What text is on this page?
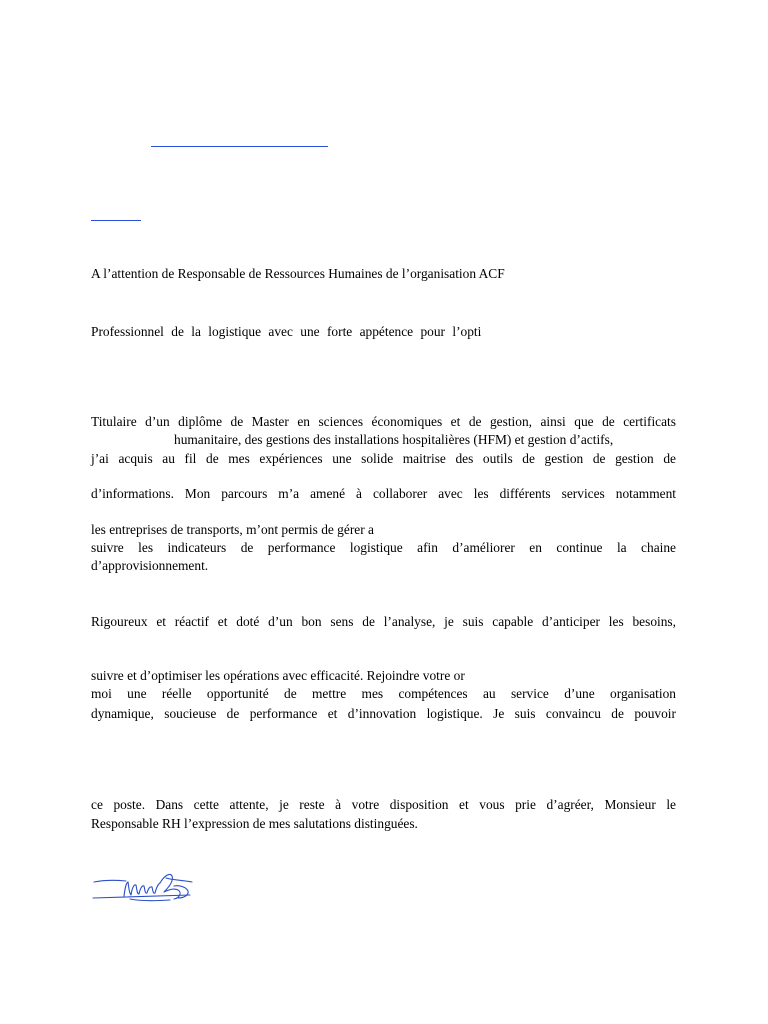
A l’attention de Responsable de Ressources Humaines de l’organisation ACF
Professionnel de la logistique avec une forte appétence pour l’opti
Titulaire d’un diplôme de Master en sciences économiques et de gestion, ainsi que de certificats
humanitaire, des gestions des installations hospitalières (HFM) et gestion d’actifs,
j’ai acquis au fil de mes expériences une solide maitrise des outils de gestion de gestion de
d’informations. Mon parcours m’a amené à collaborer avec les différents services notamment
les entreprises de transports, m’ont permis de gérer a
suivre les indicateurs de performance logistique afin d’améliorer en continue la chaine
d’approvisionnement.
Rigoureux et réactif et doté d’un bon sens de l’analyse, je suis capable d’anticiper les besoins,
suivre et d’optimiser les opérations avec efficacité. Rejoindre votre or
moi une réelle opportunité de mettre mes compétences au service d’une organisation
dynamique, soucieuse de performance et d’innovation logistique. Je suis convaincu de pouvoir
ce poste. Dans cette attente, je reste à votre disposition et vous prie d’agréer, Monsieur le
Responsable RH l’expression de mes salutations distinguées.
